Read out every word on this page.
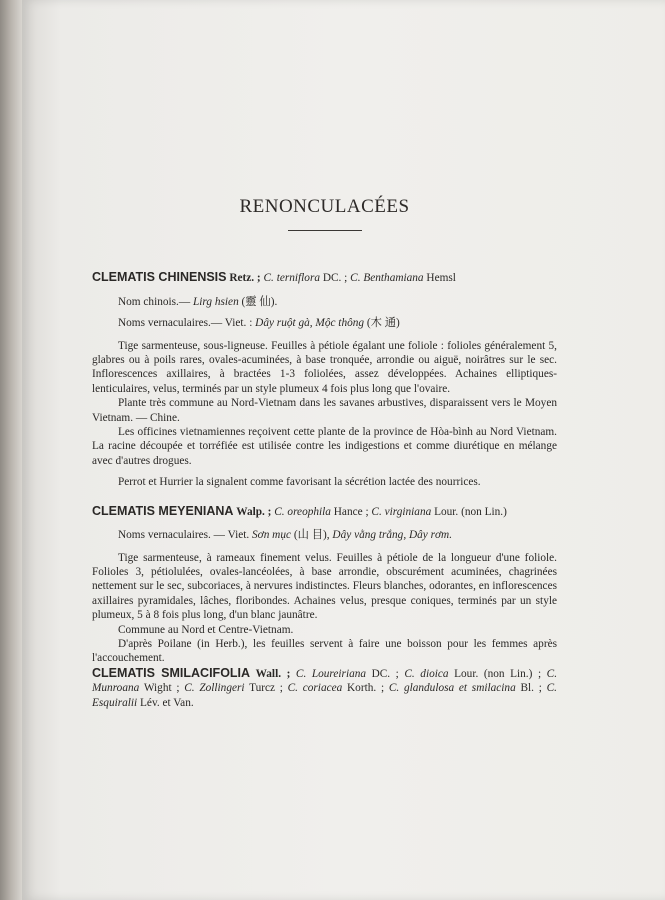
RENONCULACÉES

CLEMATIS CHINENSIS Retz. ; C. terniflora DC. ; C. Benthamiana Hemsl

Nom chinois.— Lirg hsien (靈 仙).

Noms vernaculaires.— Viet. : Dây ruột gà, Mộc thông (木 通)

Tige sarmenteuse, sous-ligneuse. Feuilles à pétiole égalant une foliole : folioles généralement 5, glabres ou à poils rares, ovales-acuminées, à base tronquée, arrondie ou aiguë, noirâtres sur le sec. Inflorescences axillaires, à bractées 1-3 foliolées, assez développées. Achaines elliptiques-lenticulaires, velus, terminés par un style plumeux 4 fois plus long que l'ovaire.

Plante très commune au Nord-Vietnam dans les savanes arbustives, disparaissent vers le Moyen Vietnam. — Chine.

Les officines vietnamiennes reçoivent cette plante de la province de Hòa-bình au Nord Vietnam. La racine découpée et torréfiée est utilisée contre les indigestions et comme diurétique en mélange avec d'autres drogues.

Perrot et Hurrier la signalent comme favorisant la sécrétion lactée des nourrices.

CLEMATIS MEYENIANA Walp. ; C. oreophila Hance ; C. virginiana Lour. (non Lin.)

Noms vernaculaires. — Viet. Sơn mục (山 目), Dây vằng trắng, Dây rơm.

Tige sarmenteuse, à rameaux finement velus. Feuilles à pétiole de la longueur d'une foliole. Folioles 3, pétiolulées, ovales-lancéolées, à base arrondie, obscurément acuminées, chagrinées nettement sur le sec, subcoriaces, à nervures indistinctes. Fleurs blanches, odorantes, en inflorescences axillaires pyramidales, lâches, floribondes. Achaines velus, presque coniques, terminés par un style plumeux, 5 à 8 fois plus long, d'un blanc jaunâtre.

Commune au Nord et Centre-Vietnam.

D'après Poilane (in Herb.), les feuilles servent à faire une boisson pour les femmes après l'accouchement.

CLEMATIS SMILACIFOLIA Wall. ; C. Loureiriana DC. ; C. dioica Lour. (non Lin.) ; C. Munroana Wight ; C. Zollingeri Turcz ; C. coriacea Korth. ; C. glandulosa et smilacina Bl. ; C. Esquiralii Lév. et Van.
